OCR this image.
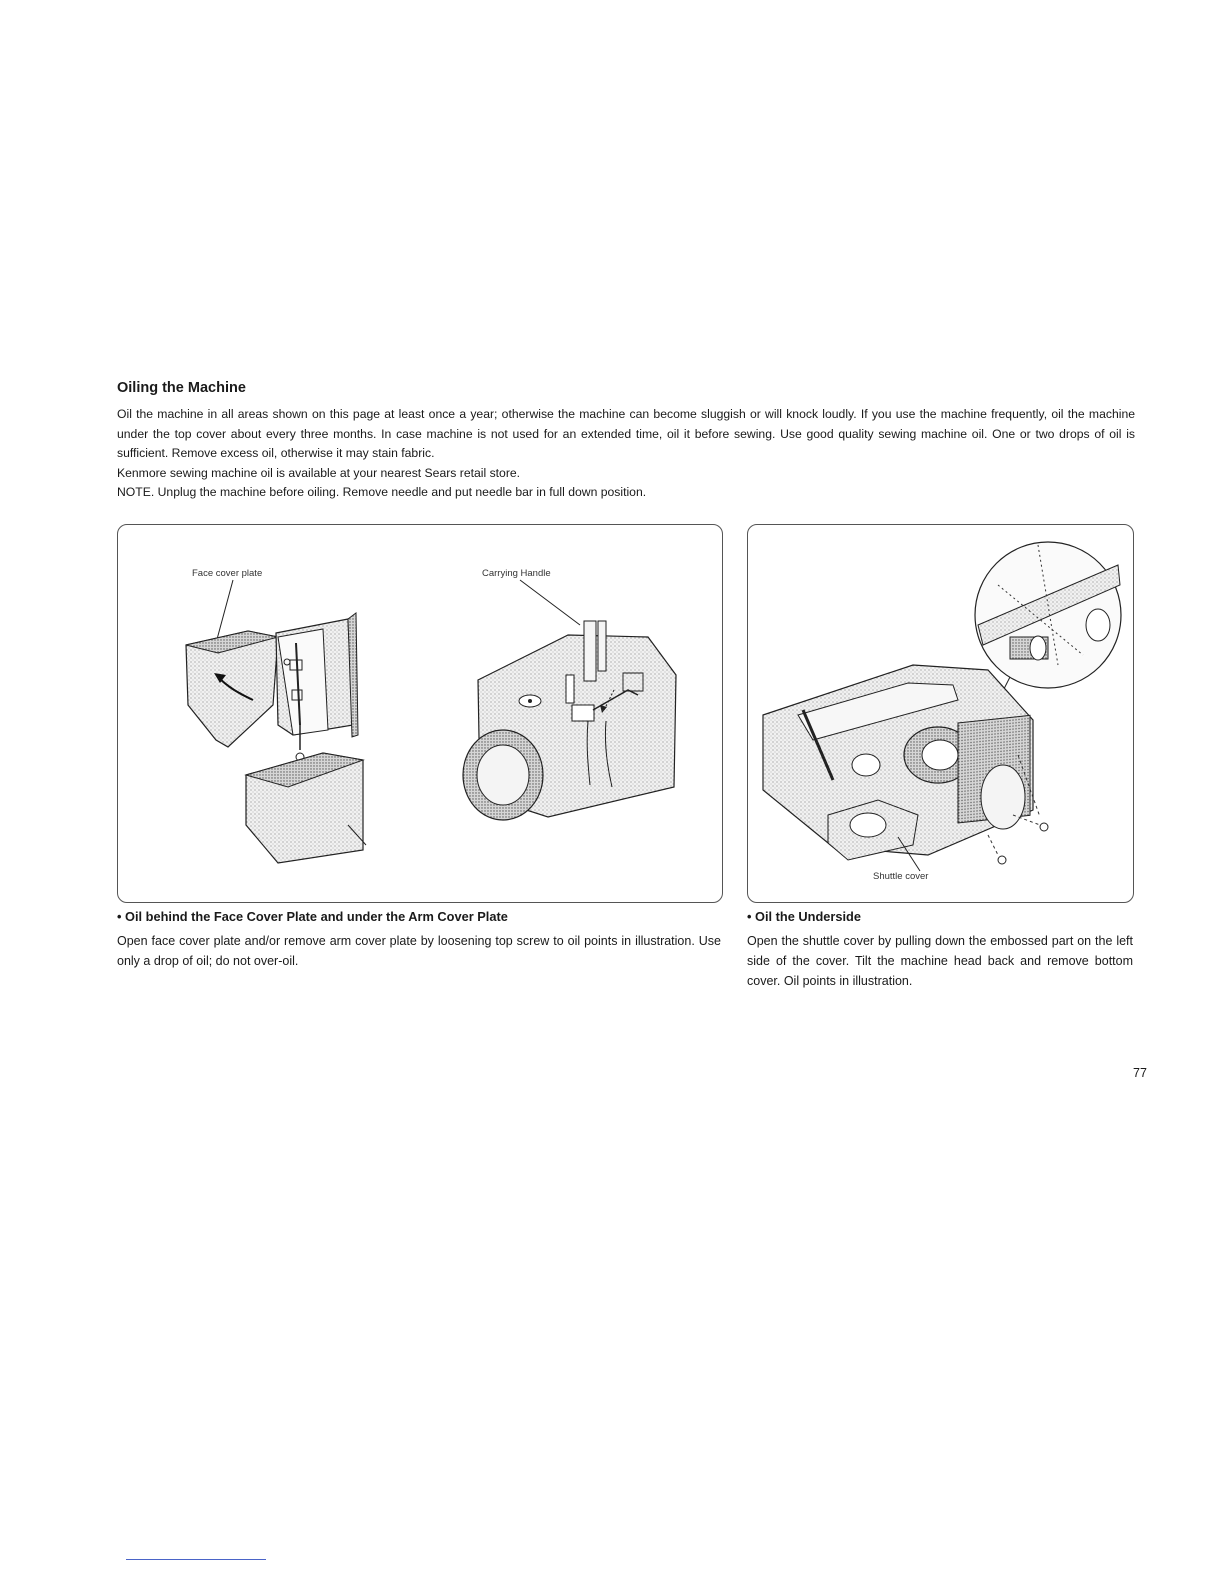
Oiling the Machine

Oil the machine in all areas shown on this page at least once a year; otherwise the machine can become sluggish or will knock loudly. If you use the machine frequently, oil the machine under the top cover about every three months. In case machine is not used for an extended time, oil it before sewing. Use good quality sewing machine oil. One or two drops of oil is sufficient. Remove excess oil, otherwise it may stain fabric.

Kenmore sewing machine oil is available at your nearest Sears retail store.

NOTE. Unplug the machine before oiling. Remove needle and put needle bar in full down position.

Face cover plate	Carrying Handle
Shuttle cover
• Oil behind the Face Cover Plate and under the Arm Cover Plate

Open face cover plate and/or remove arm cover plate by loosening top screw to oil points in illustration. Use only a drop of oil; do not over-oil.

• Oil the Underside

Open the shuttle cover by pulling down the embossed part on the left side of the cover. Tilt the machine head back and remove bottom cover. Oil points in illustration.

77
